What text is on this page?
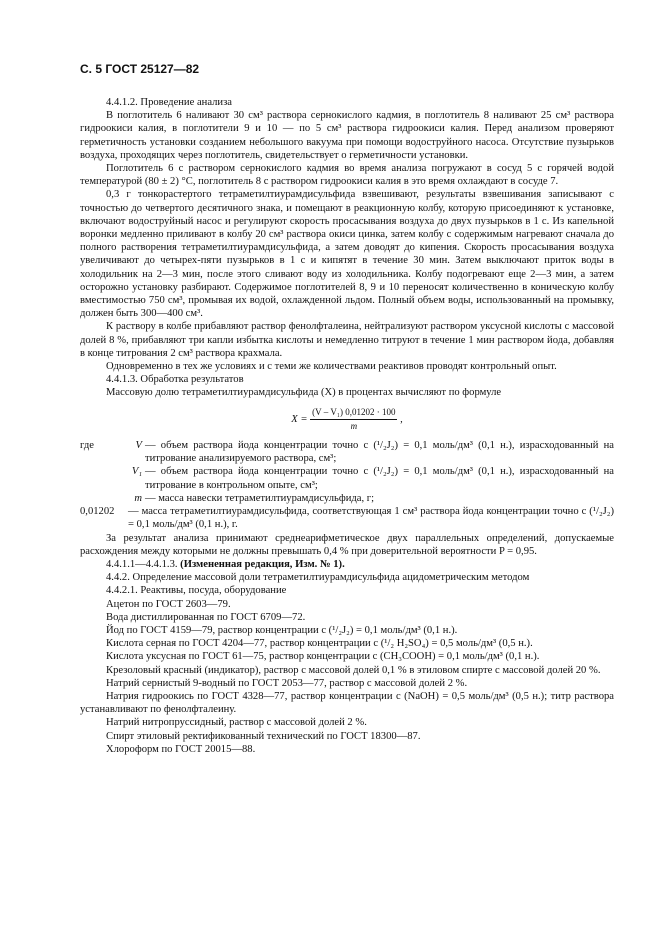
С. 5 ГОСТ 25127—82

4.4.1.2. Проведение анализа

В поглотитель 6 наливают 30 см³ раствора сернокислого кадмия, в поглотитель 8 наливают 25 см³ раствора гидроокиси калия, в поглотители 9 и 10 — по 5 см³ раствора гидроокиси калия. Перед анализом проверяют герметичность установки созданием небольшого вакуума при помощи водоструйного насоса. Отсутствие пузырьков воздуха, проходящих через поглотитель, свидетельствует о герметичности установки.

Поглотитель 6 с раствором сернокислого кадмия во время анализа погружают в сосуд 5 с горячей водой температурой (80 ± 2) °С, поглотитель 8 с раствором гидроокиси калия в это время охлаждают в сосуде 7.

0,3 г тонкорастертого тетраметилтиурамдисульфида взвешивают, результаты взвешивания записывают с точностью до четвертого десятичного знака, и помещают в реакционную колбу, которую присоединяют к установке, включают водоструйный насос и регулируют скорость просасывания воздуха до двух пузырьков в 1 с. Из капельной воронки медленно приливают в колбу 20 см³ раствора окиси цинка, затем колбу с содержимым нагревают сначала до полного растворения тетраметилтиурамдисульфида, а затем доводят до кипения. Скорость просасывания воздуха увеличивают до четырех-пяти пузырьков в 1 с и кипятят в течение 30 мин. Затем выключают приток воды в холодильник на 2—3 мин, после этого сливают воду из холодильника. Колбу подогревают еще 2—3 мин, а затем осторожно установку разбирают. Содержимое поглотителей 8, 9 и 10 переносят количественно в коническую колбу вместимостью 750 см³, промывая их водой, охлажденной льдом. Полный объем воды, использованный на промывку, должен быть 300—400 см³.

К раствору в колбе прибавляют раствор фенолфталеина, нейтрализуют раствором уксусной кислоты с массовой долей 8 %, прибавляют три капли избытка кислоты и немедленно титруют в течение 1 мин раствором йода, добавляя в конце титрования 2 см³ раствора крахмала.

Одновременно в тех же условиях и с теми же количествами реактивов проводят контрольный опыт.

4.4.1.3. Обработка результатов

Массовую долю тетраметилтиурамдисульфида (X) в процентах вычисляют по формуле

$X = \frac{\text{(V – V₁) 0,01202 · 100}}{m}$ ,
где	V — объем раствора йода концентрации точно c (¹/₂J₂) = 0,1 моль/дм³ (0,1 н.), израсходованный на титрование анализируемого раствора, см³;
V₁ — объем раствора йода концентрации точно c (¹/₂J₂) = 0,1 моль/дм³ (0,1 н.), израсходованный на титрование в контрольном опыте, см³;
m — масса навески тетраметилтиурамдисульфида, г;
0,01202	— масса тетраметилтиурамдисульфида, соответствующая 1 см³ раствора йода концентрации точно c (¹/₂J₂) = 0,1 моль/дм³ (0,1 н.), г.

За результат анализа принимают среднеарифметическое двух параллельных определений, допускаемые расхождения между которыми не должны превышать 0,4 % при доверительной вероятности P = 0,95.

4.4.1.1—4.4.1.3. (Измененная редакция, Изм. № 1).

4.4.2. Определение массовой доли тетраметилтиурамдисульфида ацидометрическим методом

4.4.2.1. Реактивы, посуда, оборудование

Ацетон по ГОСТ 2603—79.

Вода дистиллированная по ГОСТ 6709—72.

Йод по ГОСТ 4159—79, раствор концентрации c (¹/₂J₂) = 0,1 моль/дм³ (0,1 н.).

Кислота серная по ГОСТ 4204—77, раствор концентрации c (¹/₂ H₂SO₄) = 0,5 моль/дм³ (0,5 н.).

Кислота уксусная по ГОСТ 61—75, раствор концентрации c (CH₃COOH) = 0,1 моль/дм³ (0,1 н.).

Крезоловый красный (индикатор), раствор с массовой долей 0,1 % в этиловом спирте с массовой долей 20 %.

Натрий сернистый 9-водный по ГОСТ 2053—77, раствор с массовой долей 2 %.

Натрия гидроокись по ГОСТ 4328—77, раствор концентрации c (NaOH) = 0,5 моль/дм³ (0,5 н.); титр раствора устанавливают по фенолфталеину.

Натрий нитропруссидный, раствор с массовой долей 2 %.

Спирт этиловый ректификованный технический по ГОСТ 18300—87.

Хлороформ по ГОСТ 20015—88.
